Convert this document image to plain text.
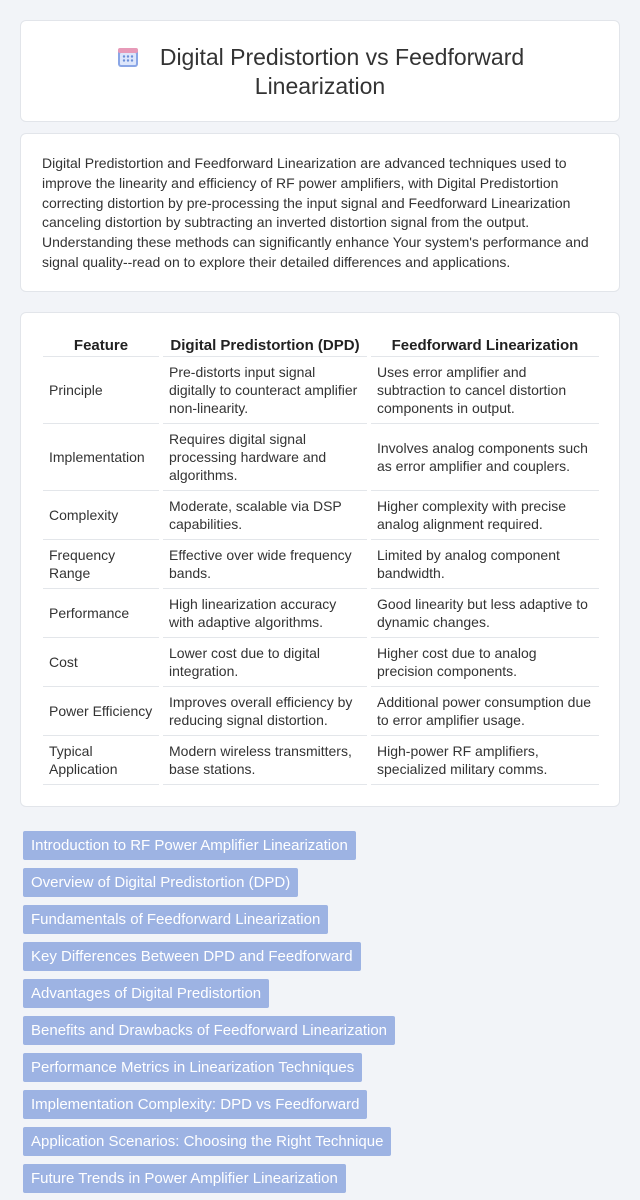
Digital Predistortion vs Feedforward
Linearization

Digital Predistortion and Feedforward Linearization are advanced techniques used to improve the linearity and efficiency of RF power amplifiers, with Digital Predistortion correcting distortion by pre-processing the input signal and Feedforward Linearization canceling distortion by subtracting an inverted distortion signal from the output. Understanding these methods can significantly enhance Your system's performance and signal quality--read on to explore their detailed differences and applications.

Feature	Digital Predistortion (DPD)	Feedforward Linearization
Principle	Pre-distorts input signal digitally to counteract amplifier non-linearity.	Uses error amplifier and subtraction to cancel distortion components in output.
Implementation	Requires digital signal processing hardware and algorithms.	Involves analog components such as error amplifier and couplers.
Complexity	Moderate, scalable via DSP capabilities.	Higher complexity with precise analog alignment required.
Frequency Range	Effective over wide frequency bands.	Limited by analog component bandwidth.
Performance	High linearization accuracy with adaptive algorithms.	Good linearity but less adaptive to dynamic changes.
Cost	Lower cost due to digital integration.	Higher cost due to analog precision components.
Power Efficiency	Improves overall efficiency by reducing signal distortion.	Additional power consumption due to error amplifier usage.
Typical Application	Modern wireless transmitters, base stations.	High-power RF amplifiers, specialized military comms.
Introduction to RF Power Amplifier Linearization
Overview of Digital Predistortion (DPD)
Fundamentals of Feedforward Linearization
Key Differences Between DPD and Feedforward
Advantages of Digital Predistortion
Benefits and Drawbacks of Feedforward Linearization
Performance Metrics in Linearization Techniques
Implementation Complexity: DPD vs Feedforward
Application Scenarios: Choosing the Right Technique
Future Trends in Power Amplifier Linearization
